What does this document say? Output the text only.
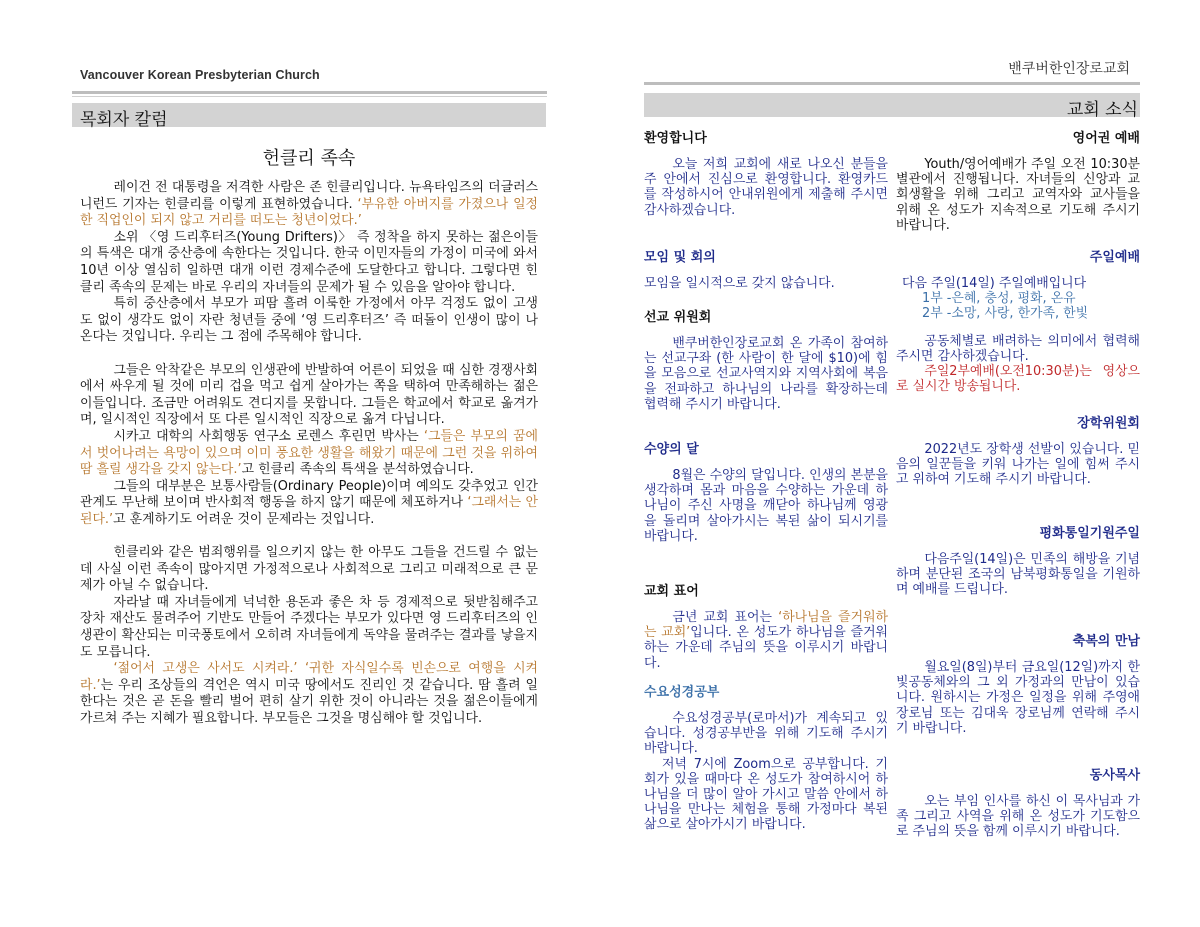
Vancouver Korean Presbyterian Church
목회자 칼럼
헌클리 족속

레이건 전 대통령을 저격한 사람은 존 힌클리입니다. 뉴욕타임즈의 더글러스 니런드 기자는 힌클리를 이렇게 표현하였습니다. ‘부유한 아버지를 가졌으나 일정한 직업인이 되지 않고 거리를 떠도는 청년이었다.’

소위 〈영 드리후터즈(Young Drifters)〉 즉 정착을 하지 못하는 젊은이들의 특색은 대개 중산층에 속한다는 것입니다. 한국 이민자들의 가정이 미국에 와서 10년 이상 열심히 일하면 대개 이런 경제수준에 도달한다고 합니다. 그렇다면 힌클리 족속의 문제는 바로 우리의 자녀들의 문제가 될 수 있음을 알아야 합니다.

특히 중산층에서 부모가 피땀 흘려 이룩한 가정에서 아무 걱정도 없이 고생도 없이 생각도 없이 자란 청년들 중에 ‘영 드리후터즈’ 즉 떠돌이 인생이 많이 나온다는 것입니다. 우리는 그 점에 주목해야 합니다.

그들은 악착같은 부모의 인생관에 반발하여 어른이 되었을 때 심한 경쟁사회에서 싸우게 될 것에 미리 겁을 먹고 쉽게 살아가는 쪽을 택하여 만족해하는 젊은이들입니다. 조금만 어려워도 견디지를 못합니다. 그들은 학교에서 학교로 옮겨가며, 일시적인 직장에서 또 다른 일시적인 직장으로 옮겨 다닙니다.

시카고 대학의 사회행동 연구소 로렌스 후린먼 박사는 ‘그들은 부모의 꿈에서 벗어나려는 욕망이 있으며 이미 풍요한 생활을 해왔기 때문에 그런 것을 위하여 땀 흘릴 생각을 갖지 않는다.’고 힌클리 족속의 특색을 분석하였습니다.

그들의 대부분은 보통사람들(Ordinary People)이며 예의도 갖추었고 인간관계도 무난해 보이며 반사회적 행동을 하지 않기 때문에 체포하거나 ‘그래서는 안 된다.’고 훈계하기도 어려운 것이 문제라는 것입니다.

힌클리와 같은 범죄행위를 일으키지 않는 한 아무도 그들을 건드릴 수 없는데 사실 이런 족속이 많아지면 가정적으로나 사회적으로 그리고 미래적으로 큰 문제가 아닐 수 없습니다.

자라날 때 자녀들에게 넉넉한 용돈과 좋은 차 등 경제적으로 뒷받침해주고 장차 재산도 물려주어 기반도 만들어 주겠다는 부모가 있다면 영 드리후터즈의 인생관이 확산되는 미국풍토에서 오히려 자녀들에게 독약을 물려주는 결과를 낳을지도 모릅니다.

‘젊어서 고생은 사서도 시켜라.’ ‘귀한 자식일수록 빈손으로 여행을 시켜라.’는 우리 조상들의 격언은 역시 미국 땅에서도 진리인 것 같습니다. 땀 흘려 일한다는 것은 곧 돈을 빨리 벌어 편히 살기 위한 것이 아니라는 것을 젊은이들에게 가르쳐 주는 지혜가 필요합니다. 부모들은 그것을 명심해야 할 것입니다.

밴쿠버한인장로교회
교회 소식
환영합니다

오늘 저희 교회에 새로 나오신 분들을 주 안에서 진심으로 환영합니다. 환영카드를 작성하시어 안내위원에게 제출해 주시면 감사하겠습니다.

모임 및 회의

모임을 일시적으로 갖지 않습니다.

선교 위원회

밴쿠버한인장로교회 온 가족이 참여하는 선교구좌 (한 사람이 한 달에 $10)에 힘을 모음으로 선교사역지와 지역사회에 복음을 전파하고 하나님의 나라를 확장하는데 협력해 주시기 바랍니다.

수양의 달

8월은 수양의 달입니다. 인생의 본분을 생각하며 몸과 마음을 수양하는 가운데 하나님이 주신 사명을 깨닫아 하나님께 영광을 돌리며 살아가시는 복된 삶이 되시기를 바랍니다.

교회 표어

금년 교회 표어는 ‘하나님을 즐거워하는 교회’입니다. 온 성도가 하나님을 즐거워하는 가운데 주님의 뜻을 이루시기 바랍니다.

수요성경공부

수요성경공부(로마서)가 계속되고 있습니다. 성경공부반을 위해 기도해 주시기 바랍니다.

저녁 7시에 Zoom으로 공부합니다. 기회가 있을 때마다 온 성도가 참여하시어 하나님을 더 많이 알아 가시고 말씀 안에서 하나님을 만나는 체험을 통해 가정마다 복된 삶으로 살아가시기 바랍니다.

영어권 예배

Youth/영어예배가 주일 오전 10:30분 별관에서 진행됩니다. 자녀들의 신앙과 교회생활을 위해 그리고 교역자와 교사들을 위해 온 성도가 지속적으로 기도해 주시기 바랍니다.

주일예배

다음 주일(14일) 주일예배입니다

1부 -은혜, 충성, 평화, 온유

2부 -소망, 사랑, 한가족, 한빛

공동체별로 배려하는 의미에서 협력해 주시면 감사하겠습니다.

주일2부예배(오전10:30분)는 영상으로 실시간 방송됩니다.

장학위원회

2022년도 장학생 선발이 있습니다. 믿음의 일꾼들을 키워 나가는 일에 힘써 주시고 위하여 기도해 주시기 바랍니다.

평화통일기원주일

다음주일(14일)은 민족의 해방을 기념하며 분단된 조국의 남북평화통일을 기원하며 예배를 드립니다.

축복의 만남

월요일(8일)부터 금요일(12일)까지 한빛공동체와의 그 외 가정과의 만남이 있습니다. 원하시는 가정은 일정을 위해 주영애 장로님 또는 김대욱 장로님께 연락해 주시기 바랍니다.

동사목사

오는 부임 인사를 하신 이 목사님과 가족 그리고 사역을 위해 온 성도가 기도함으로 주님의 뜻을 함께 이루시기 바랍니다.
